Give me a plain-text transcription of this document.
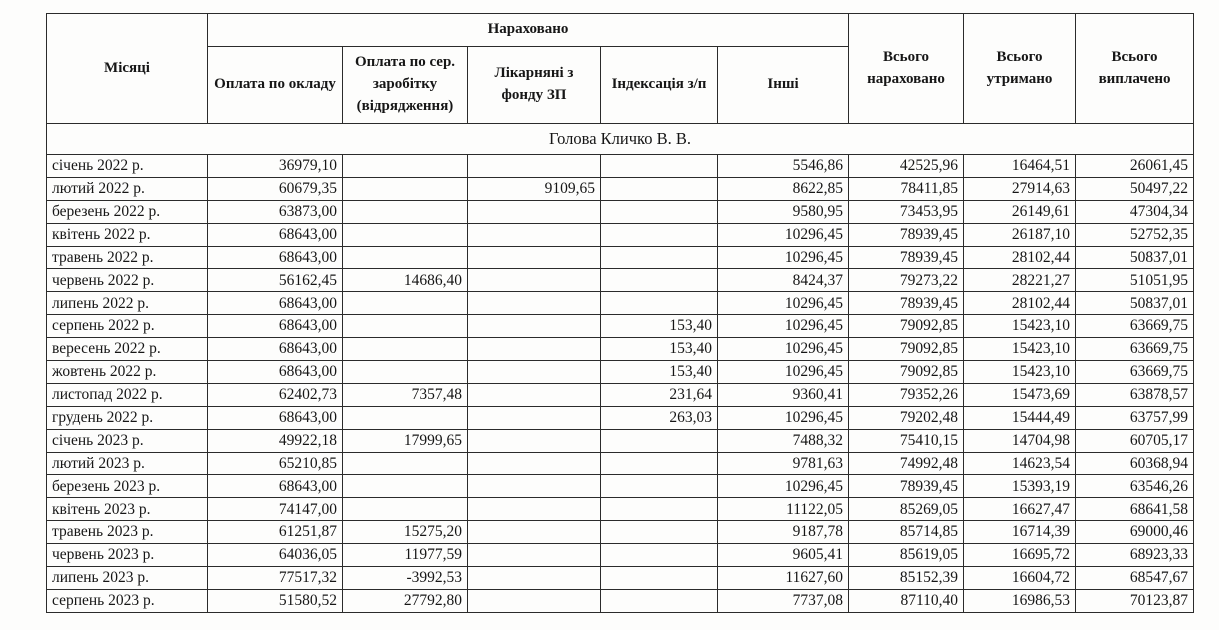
Місяці	Нараховано					Всього нараховано	Всього утримано	Всього виплачено
	Оплата по окладу	Оплата по сер. заробітку (відрядження)	Лікарняні з фонду ЗП	Індексація з/п	Інші			
Голова Кличко В. В.								
січень 2022 р.	36979,10				5546,86	42525,96	16464,51	26061,45
лютий 2022 р.	60679,35		9109,65		8622,85	78411,85	27914,63	50497,22
березень 2022 р.	63873,00				9580,95	73453,95	26149,61	47304,34
квітень 2022 р.	68643,00				10296,45	78939,45	26187,10	52752,35
травень 2022 р.	68643,00				10296,45	78939,45	28102,44	50837,01
червень 2022 р.	56162,45	14686,40			8424,37	79273,22	28221,27	51051,95
липень 2022 р.	68643,00				10296,45	78939,45	28102,44	50837,01
серпень 2022 р.	68643,00			153,40	10296,45	79092,85	15423,10	63669,75
вересень 2022 р.	68643,00			153,40	10296,45	79092,85	15423,10	63669,75
жовтень 2022 р.	68643,00			153,40	10296,45	79092,85	15423,10	63669,75
листопад 2022 р.	62402,73	7357,48		231,64	9360,41	79352,26	15473,69	63878,57
грудень 2022 р.	68643,00			263,03	10296,45	79202,48	15444,49	63757,99
січень 2023 р.	49922,18	17999,65			7488,32	75410,15	14704,98	60705,17
лютий 2023 р.	65210,85				9781,63	74992,48	14623,54	60368,94
березень 2023 р.	68643,00				10296,45	78939,45	15393,19	63546,26
квітень 2023 р.	74147,00				11122,05	85269,05	16627,47	68641,58
травень 2023 р.	61251,87	15275,20			9187,78	85714,85	16714,39	69000,46
червень 2023 р.	64036,05	11977,59			9605,41	85619,05	16695,72	68923,33
липень 2023 р.	77517,32	-3992,53			11627,60	85152,39	16604,72	68547,67
серпень 2023 р.	51580,52	27792,80			7737,08	87110,40	16986,53	70123,87
